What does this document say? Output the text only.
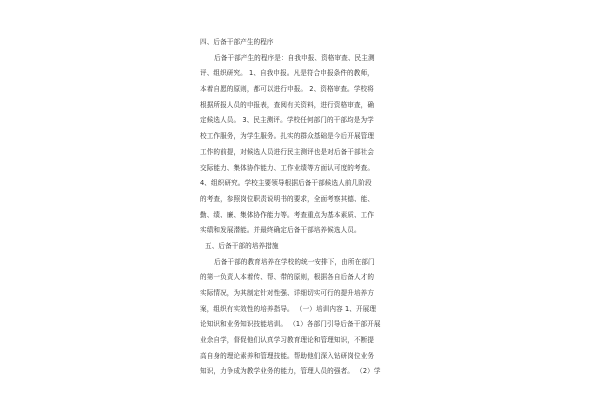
四、后备干部产生的程序
后备干部产生的程序是：自我申报、资格审查、民主测
评、组织研究。 1、自我申报。凡是符合申报条件的教师，
本着自愿的原则，都可以进行申报。 2、资格审查。学校将
根据所报人员的申报表，查阅有关资料，进行资格审查，确
定候选人员。 3、民主测评。学校任何部门的干部均是为学
校工作服务，为学生服务。扎实的群众基础是今后开展管理
工作的前提，对候选人员进行民主测评也是对后备干部社会
交际能力、集体协作能力、工作业绩等方面认可度的考查。
4、组织研究。学校主要领导根据后备干部候选人前几阶段
的考查，参照岗位职责说明书的要求，全面考察其德、能、
勤、绩、廉、集体协作能力等。考查重点为基本素质、工作
实绩和发展潜能。并最终确定后备干部培养候选人员。
五、后备干部的培养措施
后备干部的教育培养在学校的统一安排下，由所在部门
的第一负责人本着传、帮、带的原则，根据各自后备人才的
实际情况，为其制定针对性强、详细切实可行的提升培养方
案，组织有实效性的培养指导。 （一）培训内容 1、开展理
论知识和业务知识技能培训。 （1）各部门引导后备干部开展
业余自学，督促他们认真学习教育理论和管理知识，不断提
高自身的理论素养和管理技能。帮助他们深入钻研岗位业务
知识，力争成为教学业务的能力，管理人员的强者。 （2）学
